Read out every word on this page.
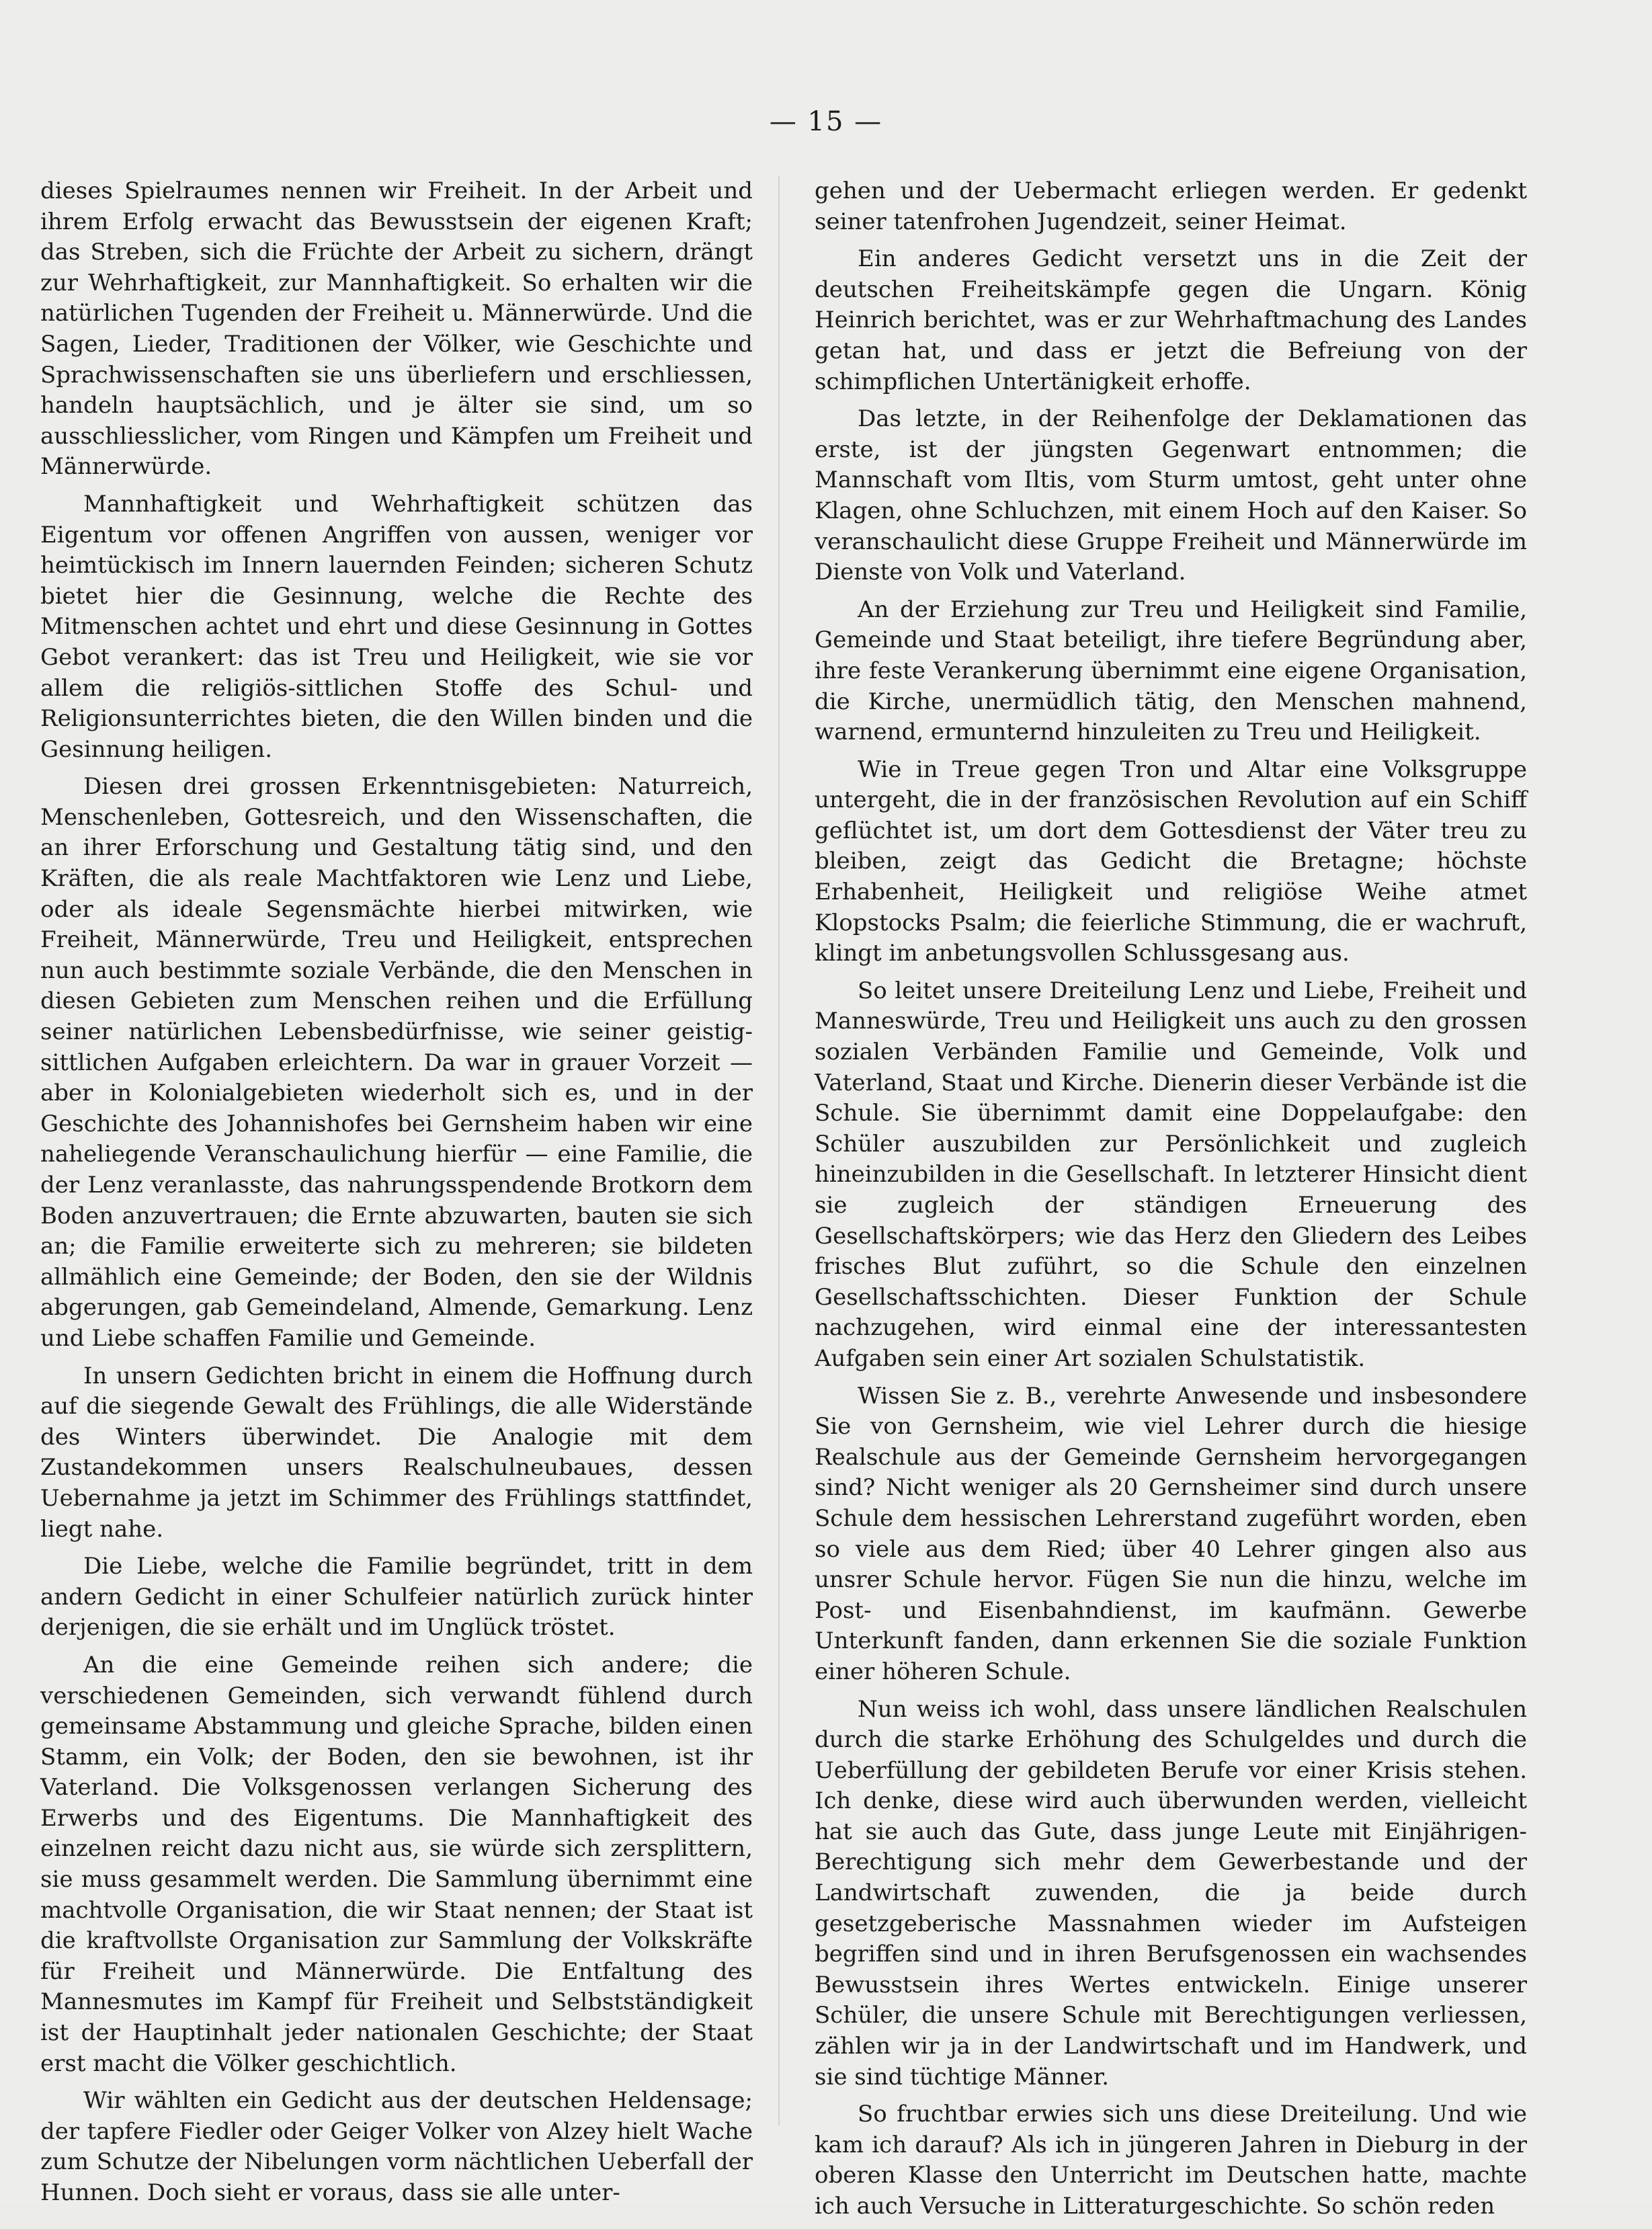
— 15 —

dieses Spielraumes nennen wir Freiheit. In der Arbeit und ihrem Erfolg erwacht das Bewusstsein der eigenen Kraft; das Streben, sich die Früchte der Arbeit zu sichern, drängt zur Wehrhaftigkeit, zur Mannhaftigkeit. So erhalten wir die natürlichen Tugenden der Freiheit u. Männerwürde. Und die Sagen, Lieder, Traditionen der Völker, wie Geschichte und Sprachwissenschaften sie uns überliefern und erschliessen, handeln hauptsächlich, und je älter sie sind, um so ausschliesslicher, vom Ringen und Kämpfen um Freiheit und Männerwürde.

Mannhaftigkeit und Wehrhaftigkeit schützen das Eigentum vor offenen Angriffen von aussen, weniger vor heimtückisch im Innern lauernden Feinden; sicheren Schutz bietet hier die Gesinnung, welche die Rechte des Mitmenschen achtet und ehrt und diese Gesinnung in Gottes Gebot verankert: das ist Treu und Heiligkeit, wie sie vor allem die religiös-sittlichen Stoffe des Schul- und Religionsunterrichtes bieten, die den Willen binden und die Gesinnung heiligen.

Diesen drei grossen Erkenntnisgebieten: Naturreich, Menschenleben, Gottesreich, und den Wissenschaften, die an ihrer Erforschung und Gestaltung tätig sind, und den Kräften, die als reale Machtfaktoren wie Lenz und Liebe, oder als ideale Segensmächte hierbei mitwirken, wie Freiheit, Männerwürde, Treu und Heiligkeit, entsprechen nun auch bestimmte soziale Verbände, die den Menschen in diesen Gebieten zum Menschen reihen und die Erfüllung seiner natürlichen Lebensbedürfnisse, wie seiner geistig-sittlichen Aufgaben erleichtern. Da war in grauer Vorzeit — aber in Kolonialgebieten wiederholt sich es, und in der Geschichte des Johannishofes bei Gernsheim haben wir eine naheliegende Veranschaulichung hierfür — eine Familie, die der Lenz veranlasste, das nahrungsspendende Brotkorn dem Boden anzuvertrauen; die Ernte abzuwarten, bauten sie sich an; die Familie erweiterte sich zu mehreren; sie bildeten allmählich eine Gemeinde; der Boden, den sie der Wildnis abgerungen, gab Gemeindeland, Almende, Gemarkung. Lenz und Liebe schaffen Familie und Gemeinde.

In unsern Gedichten bricht in einem die Hoffnung durch auf die siegende Gewalt des Frühlings, die alle Widerstände des Winters überwindet. Die Analogie mit dem Zustandekommen unsers Realschulneubaues, dessen Uebernahme ja jetzt im Schimmer des Frühlings stattfindet, liegt nahe.

Die Liebe, welche die Familie begründet, tritt in dem andern Gedicht in einer Schulfeier natürlich zurück hinter derjenigen, die sie erhält und im Unglück tröstet.

An die eine Gemeinde reihen sich andere; die verschiedenen Gemeinden, sich verwandt fühlend durch gemeinsame Abstammung und gleiche Sprache, bilden einen Stamm, ein Volk; der Boden, den sie bewohnen, ist ihr Vaterland. Die Volksgenossen verlangen Sicherung des Erwerbs und des Eigentums. Die Mannhaftigkeit des einzelnen reicht dazu nicht aus, sie würde sich zersplittern, sie muss gesammelt werden. Die Sammlung übernimmt eine machtvolle Organisation, die wir Staat nennen; der Staat ist die kraftvollste Organisation zur Sammlung der Volkskräfte für Freiheit und Männerwürde. Die Entfaltung des Mannesmutes im Kampf für Freiheit und Selbstständigkeit ist der Hauptinhalt jeder nationalen Geschichte; der Staat erst macht die Völker geschichtlich.

Wir wählten ein Gedicht aus der deutschen Heldensage; der tapfere Fiedler oder Geiger Volker von Alzey hielt Wache zum Schutze der Nibelungen vorm nächtlichen Ueberfall der Hunnen. Doch sieht er voraus, dass sie alle unter-

gehen und der Uebermacht erliegen werden. Er gedenkt seiner tatenfrohen Jugendzeit, seiner Heimat.

Ein anderes Gedicht versetzt uns in die Zeit der deutschen Freiheitskämpfe gegen die Ungarn. König Heinrich berichtet, was er zur Wehrhaftmachung des Landes getan hat, und dass er jetzt die Befreiung von der schimpflichen Untertänigkeit erhoffe.

Das letzte, in der Reihenfolge der Deklamationen das erste, ist der jüngsten Gegenwart entnommen; die Mannschaft vom Iltis, vom Sturm umtost, geht unter ohne Klagen, ohne Schluchzen, mit einem Hoch auf den Kaiser. So veranschaulicht diese Gruppe Freiheit und Männerwürde im Dienste von Volk und Vaterland.

An der Erziehung zur Treu und Heiligkeit sind Familie, Gemeinde und Staat beteiligt, ihre tiefere Begründung aber, ihre feste Verankerung übernimmt eine eigene Organisation, die Kirche, unermüdlich tätig, den Menschen mahnend, warnend, ermunternd hinzuleiten zu Treu und Heiligkeit.

Wie in Treue gegen Tron und Altar eine Volksgruppe untergeht, die in der französischen Revolution auf ein Schiff geflüchtet ist, um dort dem Gottesdienst der Väter treu zu bleiben, zeigt das Gedicht die Bretagne; höchste Erhabenheit, Heiligkeit und religiöse Weihe atmet Klopstocks Psalm; die feierliche Stimmung, die er wachruft, klingt im anbetungsvollen Schlussgesang aus.

So leitet unsere Dreiteilung Lenz und Liebe, Freiheit und Manneswürde, Treu und Heiligkeit uns auch zu den grossen sozialen Verbänden Familie und Gemeinde, Volk und Vaterland, Staat und Kirche. Dienerin dieser Verbände ist die Schule. Sie übernimmt damit eine Doppelaufgabe: den Schüler auszubilden zur Persönlichkeit und zugleich hineinzubilden in die Gesellschaft. In letzterer Hinsicht dient sie zugleich der ständigen Erneuerung des Gesellschaftskörpers; wie das Herz den Gliedern des Leibes frisches Blut zuführt, so die Schule den einzelnen Gesellschaftsschichten. Dieser Funktion der Schule nachzugehen, wird einmal eine der interessantesten Aufgaben sein einer Art sozialen Schulstatistik.

Wissen Sie z. B., verehrte Anwesende und insbesondere Sie von Gernsheim, wie viel Lehrer durch die hiesige Realschule aus der Gemeinde Gernsheim hervorgegangen sind? Nicht weniger als 20 Gernsheimer sind durch unsere Schule dem hessischen Lehrerstand zugeführt worden, eben so viele aus dem Ried; über 40 Lehrer gingen also aus unsrer Schule hervor. Fügen Sie nun die hinzu, welche im Post- und Eisenbahndienst, im kaufmänn. Gewerbe Unterkunft fanden, dann erkennen Sie die soziale Funktion einer höheren Schule.

Nun weiss ich wohl, dass unsere ländlichen Realschulen durch die starke Erhöhung des Schulgeldes und durch die Ueberfüllung der gebildeten Berufe vor einer Krisis stehen. Ich denke, diese wird auch überwunden werden, vielleicht hat sie auch das Gute, dass junge Leute mit Einjährigen-Berechtigung sich mehr dem Gewerbestande und der Landwirtschaft zuwenden, die ja beide durch gesetzgeberische Massnahmen wieder im Aufsteigen begriffen sind und in ihren Berufsgenossen ein wachsendes Bewusstsein ihres Wertes entwickeln. Einige unserer Schüler, die unsere Schule mit Berechtigungen verliessen, zählen wir ja in der Landwirtschaft und im Handwerk, und sie sind tüchtige Männer.

So fruchtbar erwies sich uns diese Dreiteilung. Und wie kam ich darauf? Als ich in jüngeren Jahren in Dieburg in der oberen Klasse den Unterricht im Deutschen hatte, machte ich auch Versuche in Litteraturgeschichte. So schön reden
